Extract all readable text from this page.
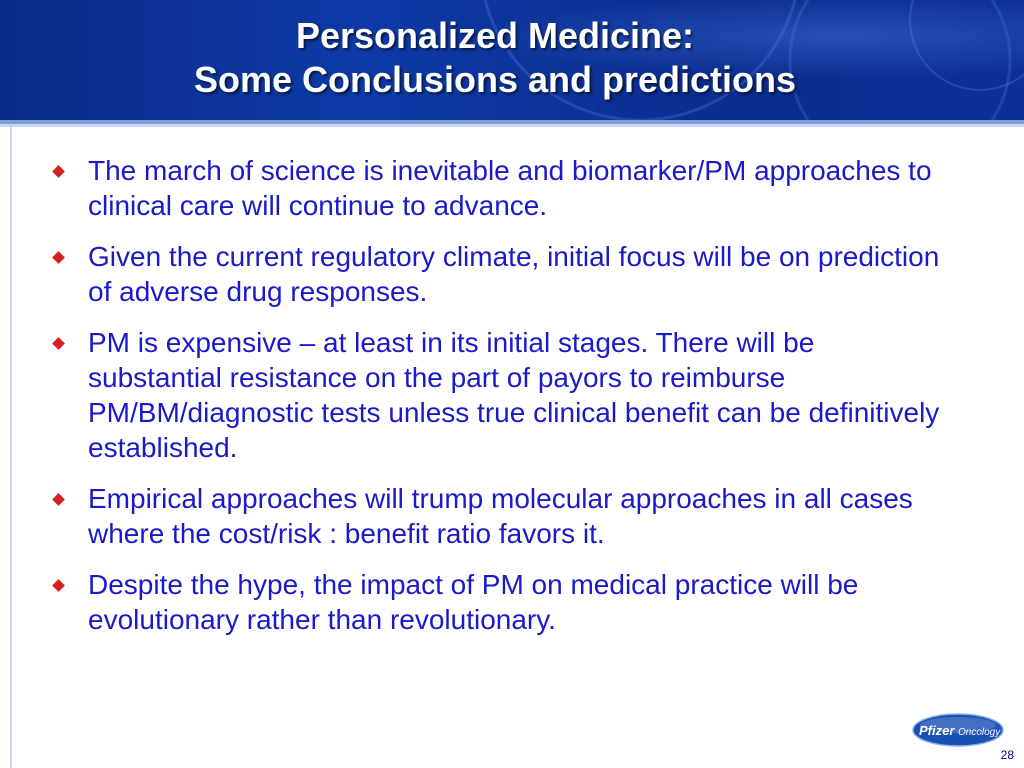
Personalized Medicine:
Some Conclusions and predictions
The march of science is inevitable and biomarker/PM approaches to clinical care will continue to advance.
Given the current regulatory climate, initial focus will be on prediction of adverse drug responses.
PM is expensive – at least in its initial stages. There will be substantial resistance on the part of payors to reimburse PM/BM/diagnostic tests unless true clinical benefit can be definitively established.
Empirical approaches will trump molecular approaches in all cases where the cost/risk : benefit ratio favors it.
Despite the hype, the impact of PM on medical practice will be evolutionary rather than revolutionary.
Pfizer Oncology
28
